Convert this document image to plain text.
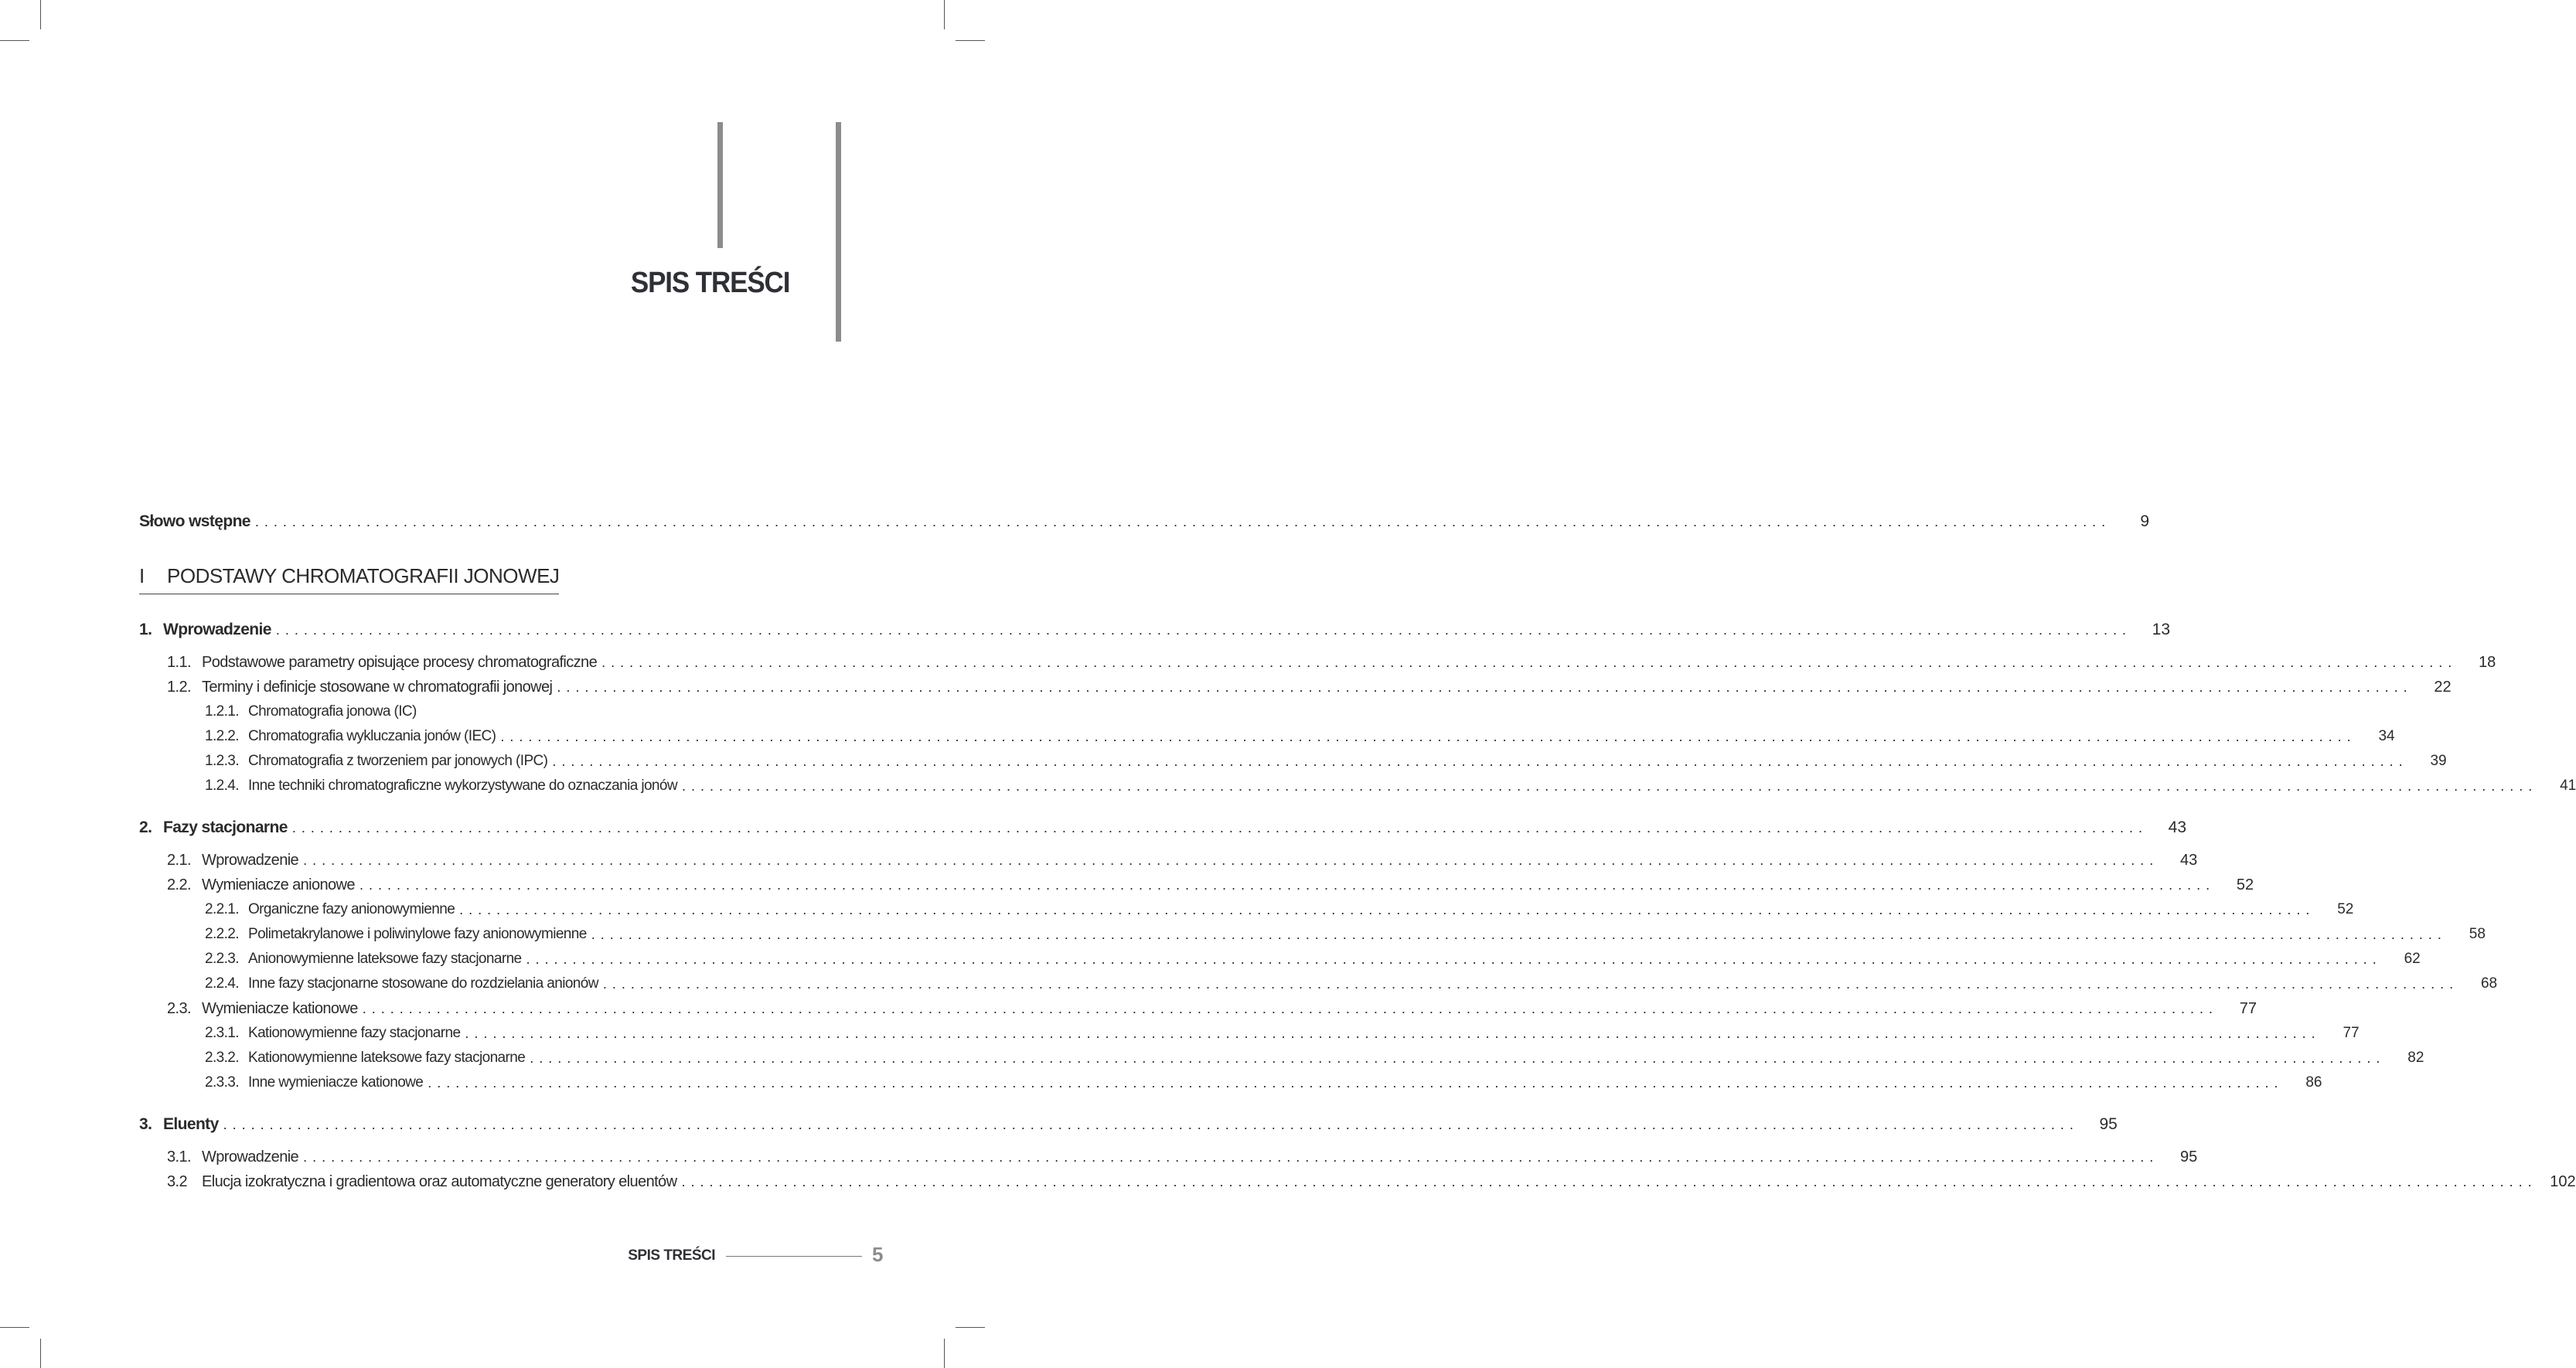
SPIS TREŚCI
Słowo wstępne ........................................................................................................................................................................................................	9
I PODSTAWY CHROMATOGRAFII JONOWEJ
1. Wprowadzenie ........................................................................................................................................................................................................	13
1.1. Podstawowe parametry opisujące procesy chromatograficzne ........................................................................................................................................................................................................	18
1.2. Terminy i definicje stosowane w chromatografii jonowej ........................................................................................................................................................................................................	22
1.2.1. Chromatografia jonowa (IC)
1.2.2. Chromatografia wykluczania jonów (IEC) ........................................................................................................................................................................................................	34
1.2.3. Chromatografia z tworzeniem par jonowych (IPC) ........................................................................................................................................................................................................	39
1.2.4. Inne techniki chromatograficzne wykorzystywane do oznaczania jonów ........................................................................................................................................................................................................	41
2. Fazy stacjonarne ........................................................................................................................................................................................................	43
2.1. Wprowadzenie ........................................................................................................................................................................................................	43
2.2. Wymieniacze anionowe ........................................................................................................................................................................................................	52
2.2.1. Organiczne fazy anionowymienne ........................................................................................................................................................................................................	52
2.2.2. Polimetakrylanowe i poliwinylowe fazy anionowymienne ........................................................................................................................................................................................................	58
2.2.3. Anionowymienne lateksowe fazy stacjonarne ........................................................................................................................................................................................................	62
2.2.4. Inne fazy stacjonarne stosowane do rozdzielania anionów ........................................................................................................................................................................................................	68
2.3. Wymieniacze kationowe ........................................................................................................................................................................................................	77
2.3.1. Kationowymienne fazy stacjonarne ........................................................................................................................................................................................................	77
2.3.2. Kationowymienne lateksowe fazy stacjonarne ........................................................................................................................................................................................................	82
2.3.3. Inne wymieniacze kationowe ........................................................................................................................................................................................................	86
3. Eluenty ........................................................................................................................................................................................................	95
3.1. Wprowadzenie ........................................................................................................................................................................................................	95
3.2 Elucja izokratyczna i gradientowa oraz automatyczne generatory eluentów ........................................................................................................................................................................................................ 102
SPIS TREŚCI	5
